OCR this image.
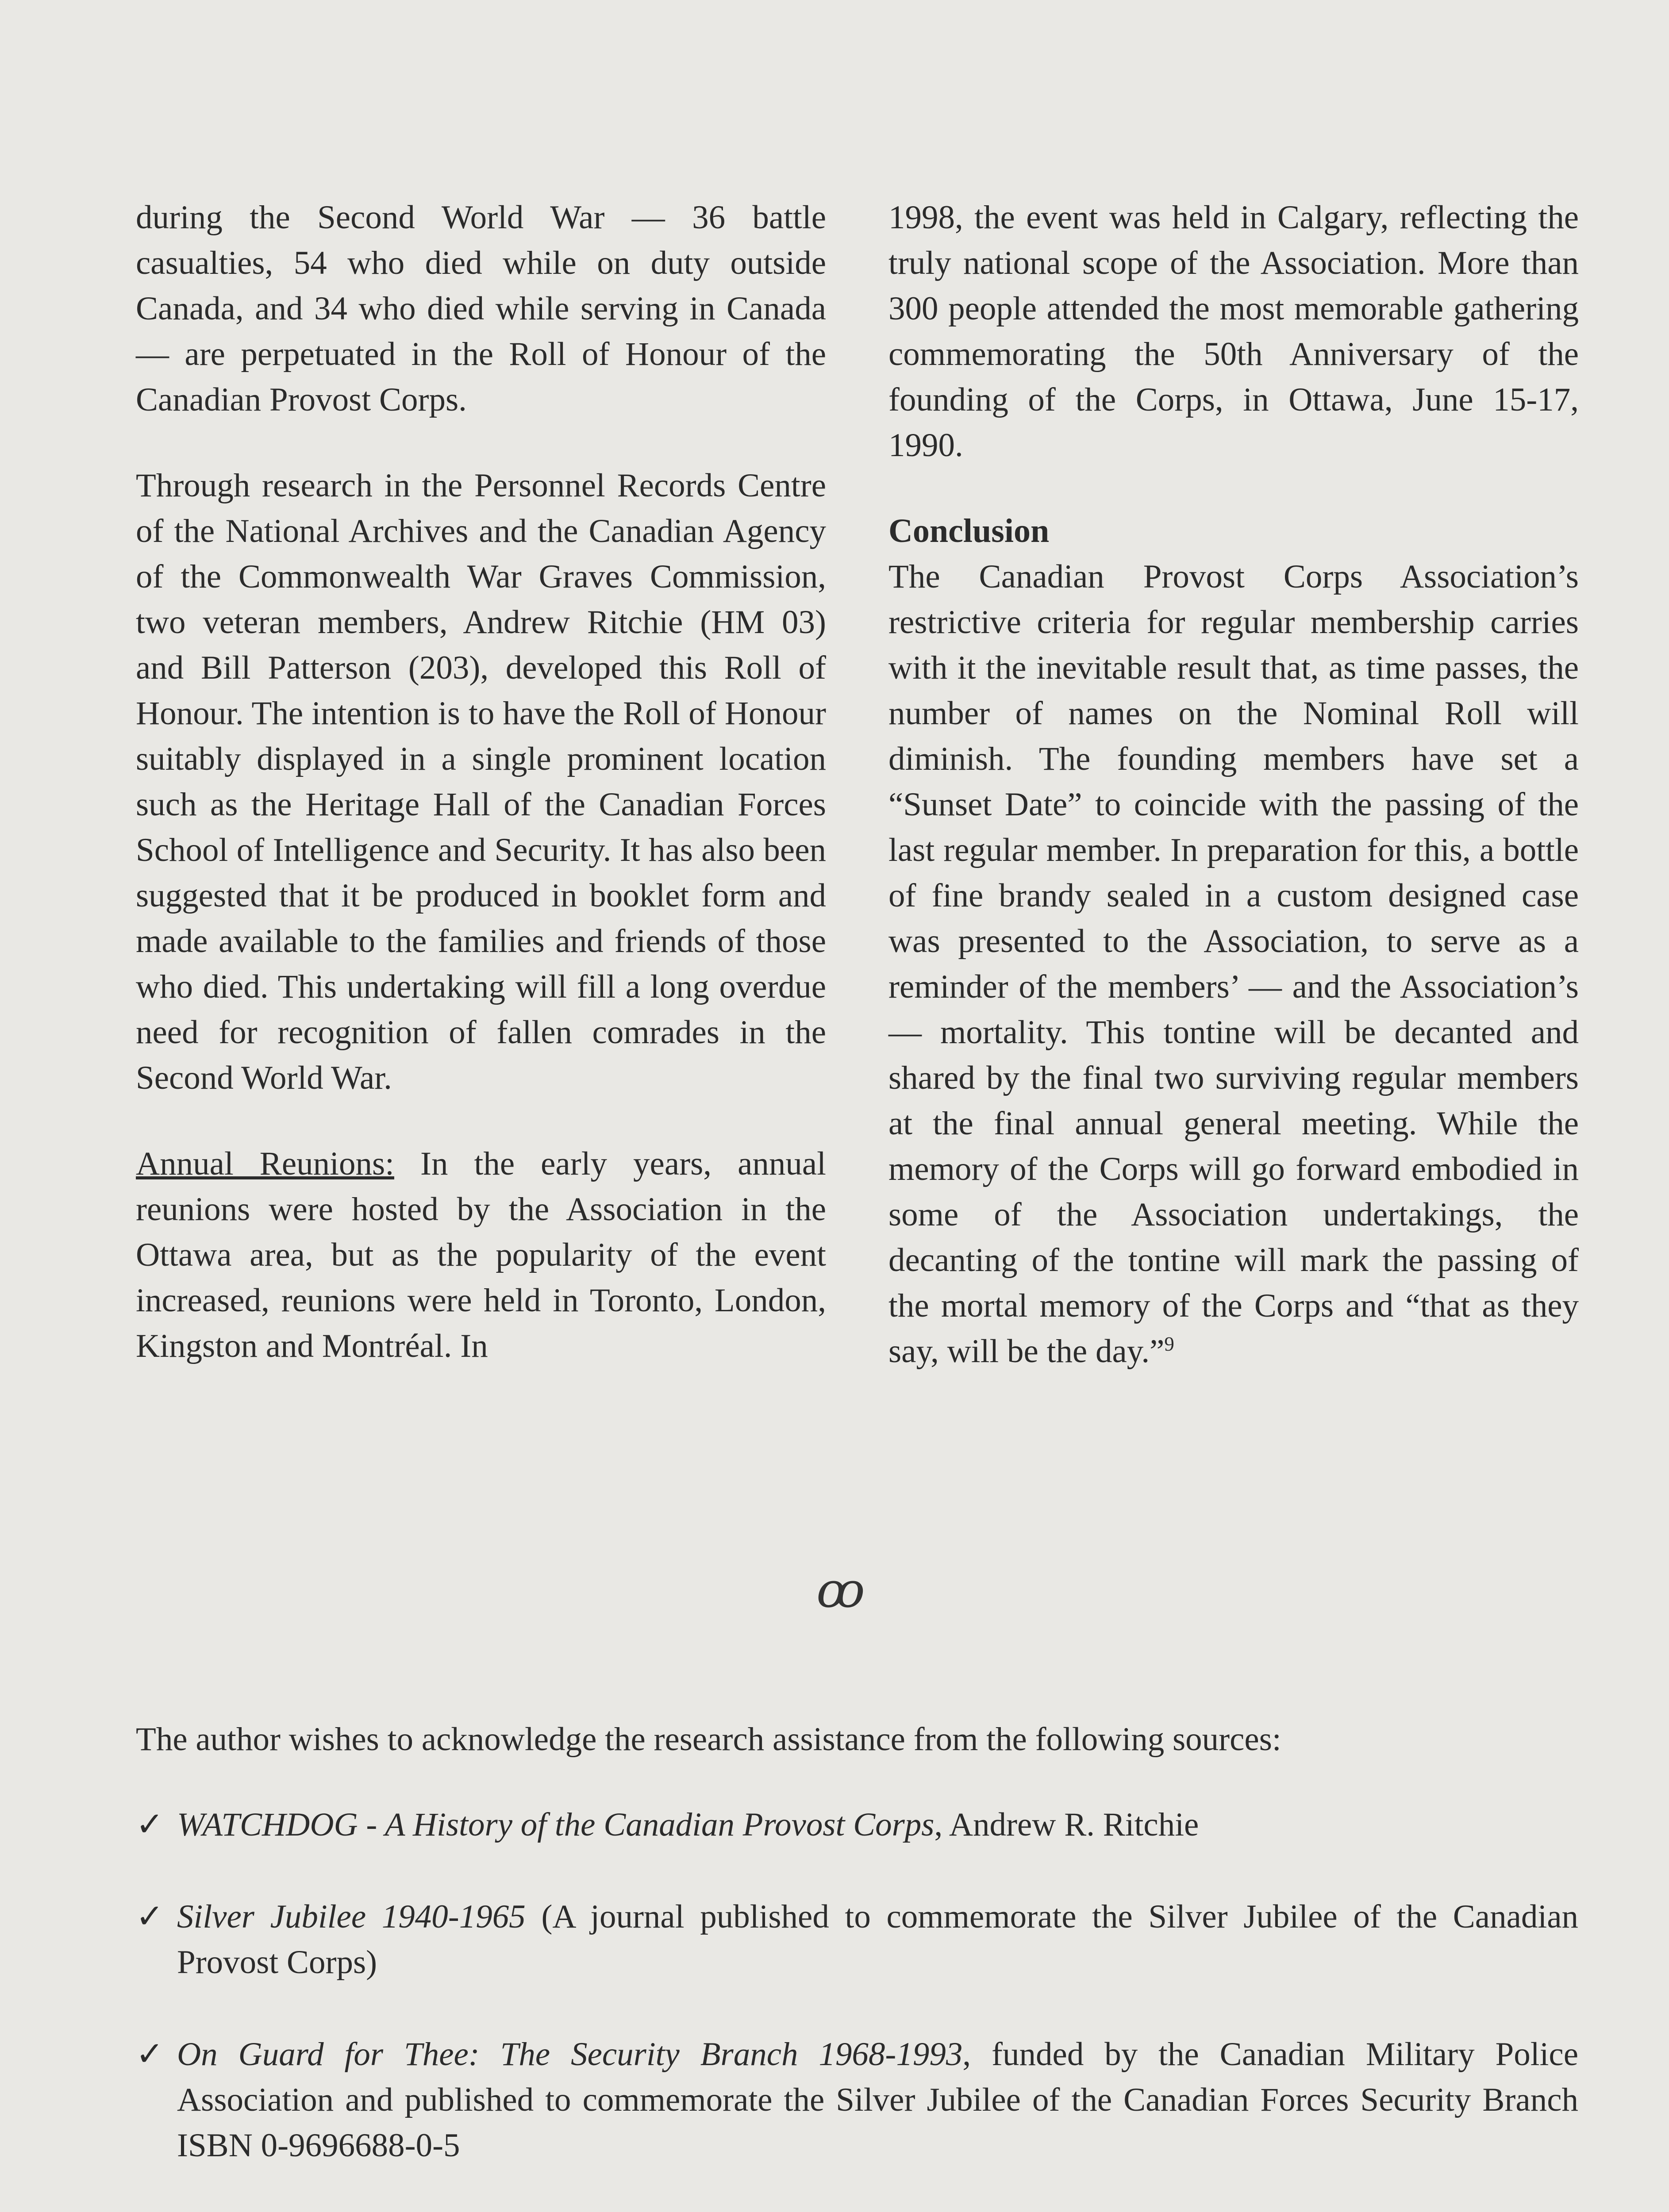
during the Second World War — 36 battle casualties, 54 who died while on duty outside Canada, and 34 who died while serving in Canada — are perpetuated in the Roll of Honour of the Canadian Provost Corps.

Through research in the Personnel Records Centre of the National Archives and the Canadian Agency of the Commonwealth War Graves Commission, two veteran members, Andrew Ritchie (HM 03) and Bill Patterson (203), developed this Roll of Honour. The intention is to have the Roll of Honour suitably displayed in a single prominent location such as the Heritage Hall of the Canadian Forces School of Intelligence and Security. It has also been suggested that it be produced in booklet form and made available to the families and friends of those who died. This undertaking will fill a long overdue need for recognition of fallen comrades in the Second World War.

Annual Reunions: In the early years, annual reunions were hosted by the Association in the Ottawa area, but as the popularity of the event increased, reunions were held in Toronto, London, Kingston and Montréal. In

1998, the event was held in Calgary, reflecting the truly national scope of the Association. More than 300 people attended the most memorable gathering commemorating the 50th Anniversary of the founding of the Corps, in Ottawa, June 15-17, 1990.

Conclusion

The Canadian Provost Corps Association’s restrictive criteria for regular membership carries with it the inevitable result that, as time passes, the number of names on the Nominal Roll will diminish. The founding members have set a “Sunset Date” to coincide with the passing of the last regular member. In preparation for this, a bottle of fine brandy sealed in a custom designed case was presented to the Association, to serve as a reminder of the members’ — and the Association’s — mortality. This tontine will be decanted and shared by the final two surviving regular members at the final annual general meeting. While the memory of the Corps will go forward embodied in some of the Association undertakings, the decanting of the tontine will mark the passing of the mortal memory of the Corps and “that as they say, will be the day.”$^9$

ꝏ

The author wishes to acknowledge the research assistance from the following sources:

✓ WATCHDOG - A History of the Canadian Provost Corps, Andrew R. Ritchie

✓ Silver Jubilee 1940-1965 (A journal published to commemorate the Silver Jubilee of the Canadian Provost Corps)

✓ On Guard for Thee: The Security Branch 1968-1993, funded by the Canadian Military Police Association and published to commemorate the Silver Jubilee of the Canadian Forces Security Branch ISBN 0-9696688-0-5
